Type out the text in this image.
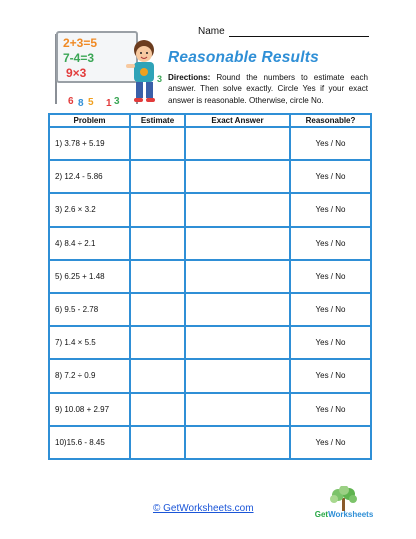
Name
2+3=5
7-4=3
9×3
6 8 5 1 3
3
Reasonable Results
Directions: Round the numbers to estimate each answer. Then solve exactly. Circle Yes if your exact answer is reasonable. Otherwise, circle No.
Problem	Estimate	Exact Answer	Reasonable?
1) 3.78 + 5.19			Yes / No
2) 12.4 - 5.86			Yes / No
3) 2.6 × 3.2			Yes / No
4) 8.4 ÷ 2.1			Yes / No
5) 6.25 + 1.48			Yes / No
6) 9.5 - 2.78			Yes / No
7) 1.4 × 5.5			Yes / No
8) 7.2 ÷ 0.9			Yes / No
9) 10.08 + 2.97			Yes / No
10)15.6 - 8.45			Yes / No
© GetWorksheets.com
GetWorksheets
